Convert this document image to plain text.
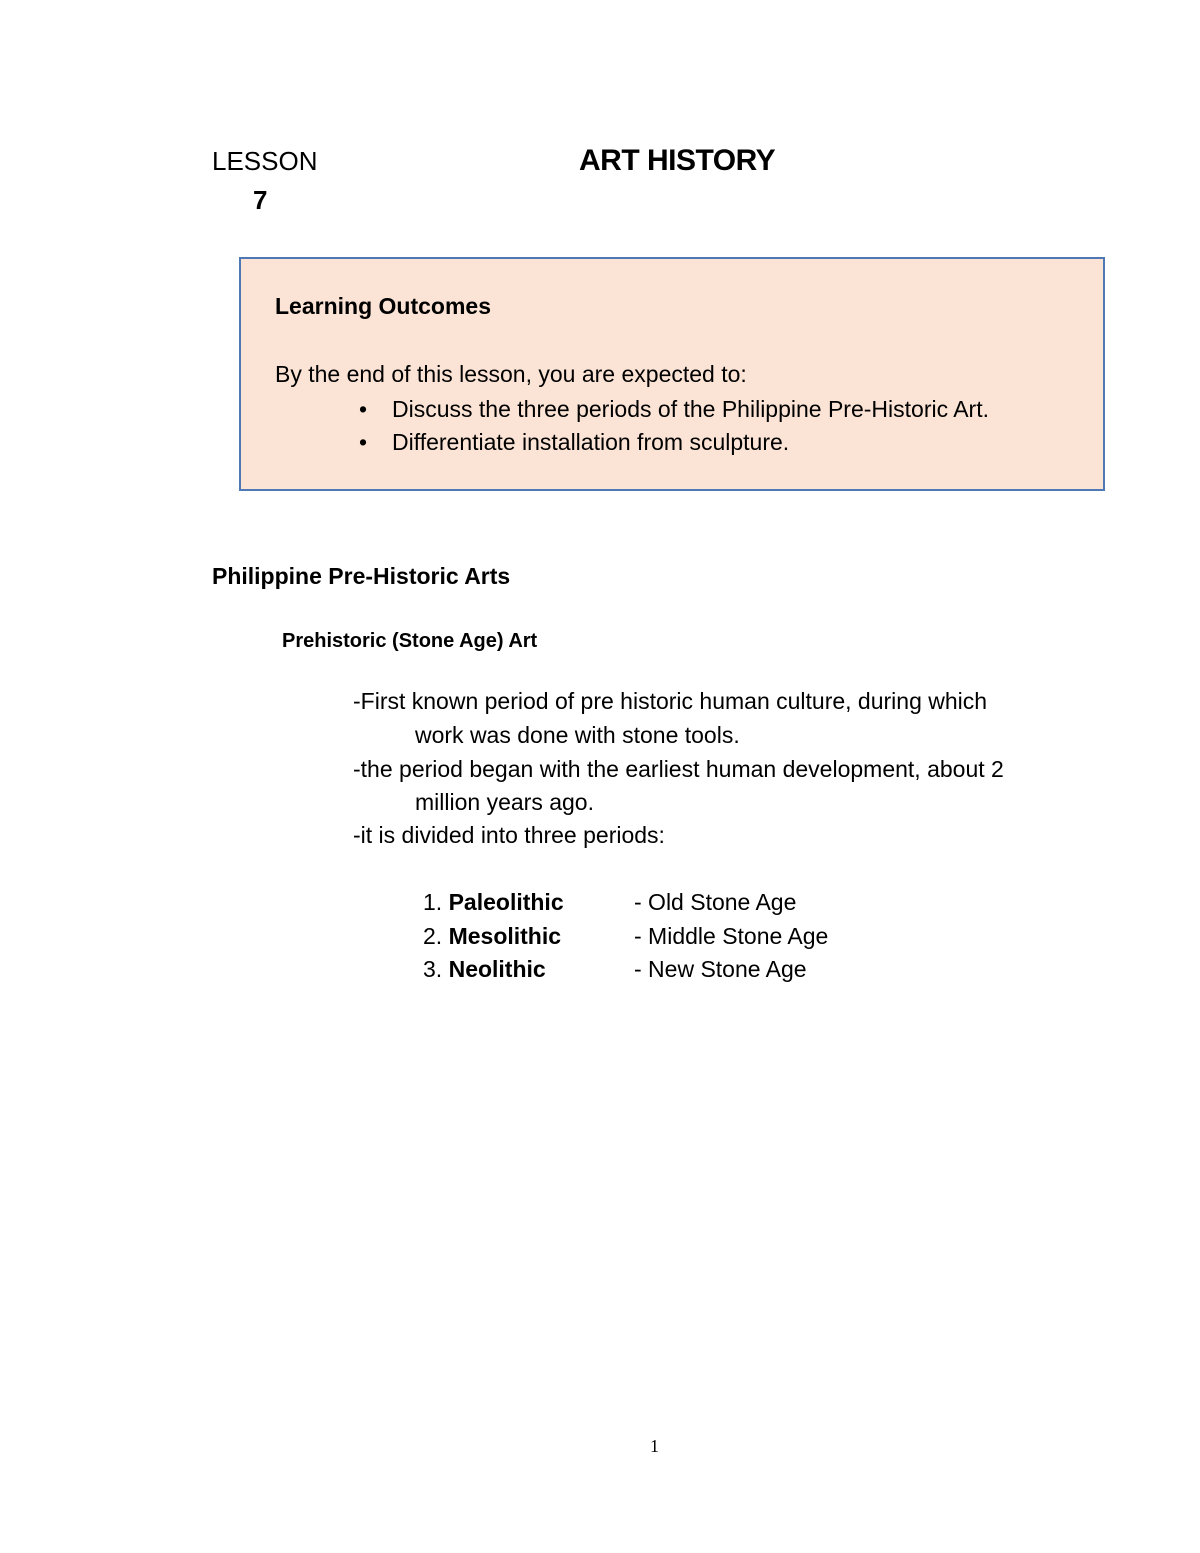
LESSON
7
ART HISTORY
Learning Outcomes
By the end of this lesson, you are expected to:
• Discuss the three periods of the Philippine Pre-Historic Art.
• Differentiate installation from sculpture.
Philippine Pre-Historic Arts
Prehistoric (Stone Age) Art
-First known period of pre historic human culture, during which
work was done with stone tools.
-the period began with the earliest human development, about 2
million years ago.
-it is divided into three periods:
1. Paleolithic	- Old Stone Age
2. Mesolithic	- Middle Stone Age
3. Neolithic	- New Stone Age
1
